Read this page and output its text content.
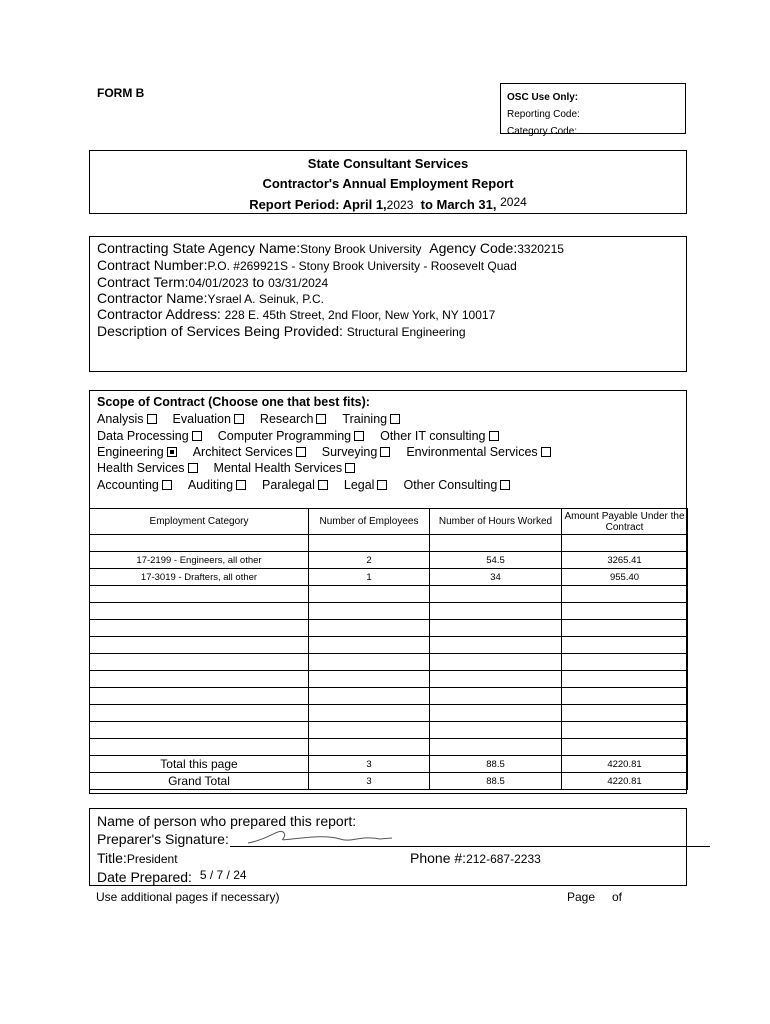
FORM B	OSC Use Only:
Reporting Code:
Category Code:
State Consultant Services
Contractor's Annual Employment Report
Report Period: April 1,2023 to March 31, 2024
Contracting State Agency Name:Stony Brook University Agency Code:3320215
Contract Number:P.O. #269921S - Stony Brook University - Roosevelt Quad
Contract Term:04/01/2023 to 03/31/2024
Contractor Name:Ysrael A. Seinuk, P.C.
Contractor Address: 228 E. 45th Street, 2nd Floor, New York, NY 10017
Description of Services Being Provided: Structural Engineering
Scope of Contract (Choose one that best fits):
Analysis Evaluation Research Training
Data Processing Computer Programming Other IT consulting
Engineering Architect Services Surveying Environmental Services
Health Services Mental Health Services
Accounting Auditing Paralegal Legal Other Consulting
Employment Category	Number of Employees	Number of Hours Worked	Amount Payable Under the Contract

17-2199 - Engineers, all other	2	54.5	3265.41
17-3019 - Drafters, all other	1	34	955.40

Total this page	3	88.5	4220.81
Grand Total	3	88.5	4220.81
Name of person who prepared this report:
Preparer's Signature:
Title:President	Phone #:212-687-2233
Date Prepared: 5 / 7 / 24
Use additional pages if necessary)	Page of
